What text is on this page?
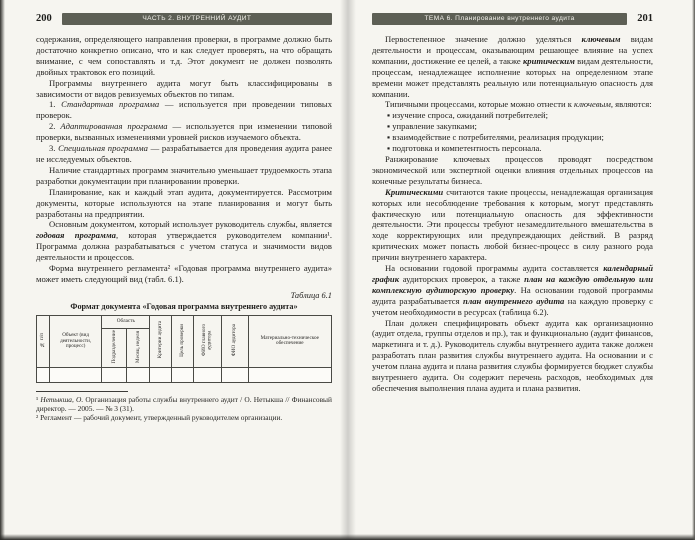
200	ЧАСТЬ 2. ВНУТРЕННИЙ АУДИТ

содержания, определяющего направления проверки, в программе должно быть достаточно конкретно описано, что и как следует проверять, на что обращать внимание, с чем сопоставлять и т.д. Этот документ не должен позволять двойных трактовок его позиций.

Программы внутреннего аудита могут быть классифицированы в зависимости от видов ревизуемых объектов по типам.

1. Стандартная программа — используется при проведении типовых проверок.

2. Адаптированная программа — используется при изменении типовой проверки, вызванных изменениями уровней рисков изучаемого объекта.

3. Специальная программа — разрабатывается для проведения аудита ранее не исследуемых объектов.

Наличие стандартных программ значительно уменьшает трудоемкость этапа разработки документации при планировании проверки.

Планирование, как и каждый этап аудита, документируется. Рассмотрим документы, которые используются на этапе планирования и могут быть разработаны на предприятии.

Основным документом, который использует руководитель службы, является годовая программа, которая утверждается руководителем компании¹. Программа должна разрабатываться с учетом статуса и значимости видов деятельности и процессов.

Форма внутреннего регламента² «Годовая программа внутреннего аудита» может иметь следующий вид (табл. 6.1).

Таблица 6.1
Формат документа «Годовая программа внутреннего аудита»
№ п/п	Объект (вид деятельности, процесс)	Область		Критерии аудита	Цель проверки	ФИО главного аудитора	ФИО аудитора	Материально-техническое обеспечение
		Подразделение	Месяц, неделя					

¹ Нетыкша, О. Организация работы службы внутреннего аудит / О. Нетыкша // Финансовый директор. — 2005. — № 3 (31).

² Регламент — рабочий документ, утвержденный руководителем организации.

ТЕМА 6. Планирование внутреннего аудита	201

Первостепенное значение должно уделяться ключевым видам деятельности и процессам, оказывающим решающее влияние на успех компании, достижение ее целей, а также критическим видам деятельности, процессам, ненадлежащее исполнение которых на определенном этапе времени может представлять реальную или потенциальную опасность для компании.

Типичными процессами, которые можно отнести к ключевым, являются:

▪ изучение спроса, ожиданий потребителей;

▪ управление закупками;

▪ взаимодействие с потребителями, реализация продукции;

▪ подготовка и компетентность персонала.

Ранжирование ключевых процессов проводят посредством экономической или экспертной оценки влияния отдельных процессов на конечные результаты бизнеса.

Критическими считаются такие процессы, ненадлежащая организация которых или несоблюдение требования к которым, могут представлять фактическую или потенциальную опасность для эффективности деятельности. Эти процессы требуют незамедлительного вмешательства в ходе корректирующих или предупреждающих действий. В разряд критических может попасть любой бизнес-процесс в силу разного рода причин внутреннего характера.

На основании годовой программы аудита составляется календарный график аудиторских проверок, а также план на каждую отдельную или комплексную аудиторскую проверку. На основании годовой программы аудита разрабатывается план внутреннего аудита на каждую проверку с учетом необходимости в ресурсах (таблица 6.2).

План должен специфицировать объект аудита как организационно (аудит отдела, группы отделов и пр.), так и функционально (аудит финансов, маркетинга и т. д.). Руководитель службы внутреннего аудита также должен разработать план развития службы внутреннего аудита. На основании и с учетом плана аудита и плана развития службы формируется бюджет службы внутреннего аудита. Он содержит перечень расходов, необходимых для обеспечения выполнения плана аудита и плана развития.
